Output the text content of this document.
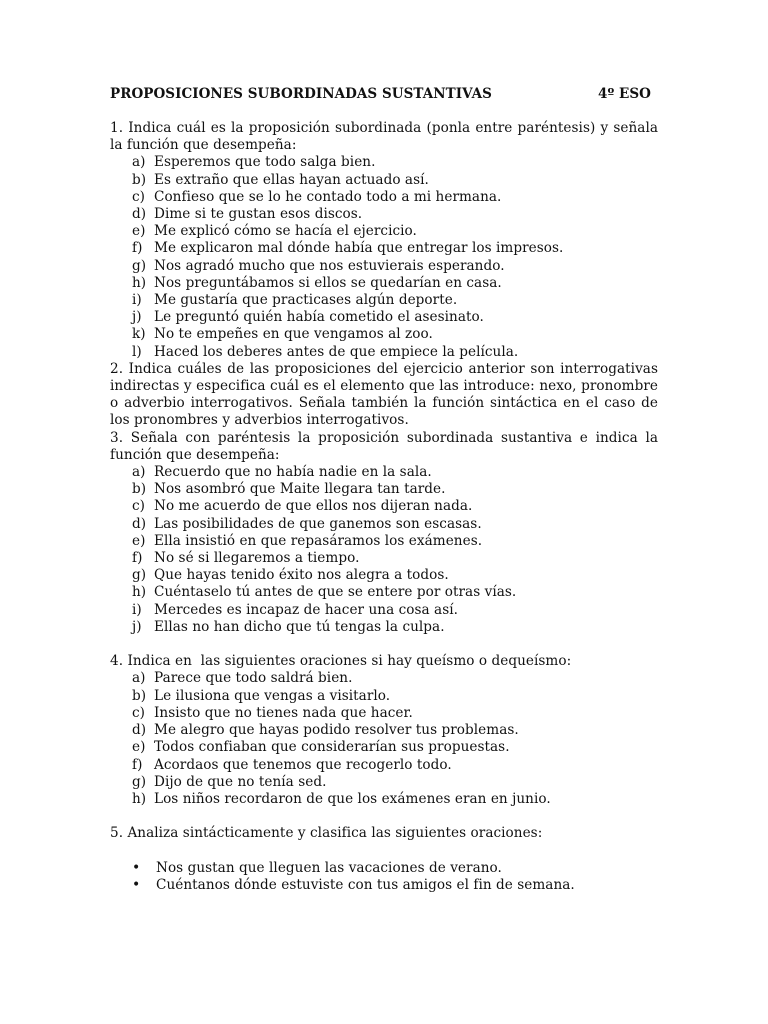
PROPOSICIONES SUBORDINADAS SUSTANTIVAS
	4º ESO

1. Indica cuál es la proposición subordinada (ponla entre paréntesis) y señala la función que desempeña:

a) Esperemos que todo salga bien.
b) Es extraño que ellas hayan actuado así.
c) Confieso que se lo he contado todo a mi hermana.
d) Dime si te gustan esos discos.
e) Me explicó cómo se hacía el ejercicio.
f) Me explicaron mal dónde había que entregar los impresos.
g) Nos agradó mucho que nos estuvierais esperando.
h) Nos preguntábamos si ellos se quedarían en casa.
i) Me gustaría que practicases algún deporte.
j) Le preguntó quién había cometido el asesinato.
k) No te empeñes en que vengamos al zoo.
l) Haced los deberes antes de que empiece la película.

2. Indica cuáles de las proposiciones del ejercicio anterior son interrogativas indirectas y especifica cuál es el elemento que las introduce: nexo, pronombre o adverbio interrogativos. Señala también la función sintáctica en el caso de los pronombres y adverbios interrogativos.

3. Señala con paréntesis la proposición subordinada sustantiva e indica la función que desempeña:

a) Recuerdo que no había nadie en la sala.
b) Nos asombró que Maite llegara tan tarde.
c) No me acuerdo de que ellos nos dijeran nada.
d) Las posibilidades de que ganemos son escasas.
e) Ella insistió en que repasáramos los exámenes.
f) No sé si llegaremos a tiempo.
g) Que hayas tenido éxito nos alegra a todos.
h) Cuéntaselo tú antes de que se entere por otras vías.
i) Mercedes es incapaz de hacer una cosa así.
j) Ellas no han dicho que tú tengas la culpa.

4. Indica en  las siguientes oraciones si hay queísmo o dequeísmo:

a) Parece que todo saldrá bien.
b) Le ilusiona que vengas a visitarlo.
c) Insisto que no tienes nada que hacer.
d) Me alegro que hayas podido resolver tus problemas.
e) Todos confiaban que considerarían sus propuestas.
f) Acordaos que tenemos que recogerlo todo.
g) Dijo de que no tenía sed.
h) Los niños recordaron de que los exámenes eran en junio.

5. Analiza sintácticamente y clasifica las siguientes oraciones:

•	Nos gustan que lleguen las vacaciones de verano.
•	Cuéntanos dónde estuviste con tus amigos el fin de semana.
